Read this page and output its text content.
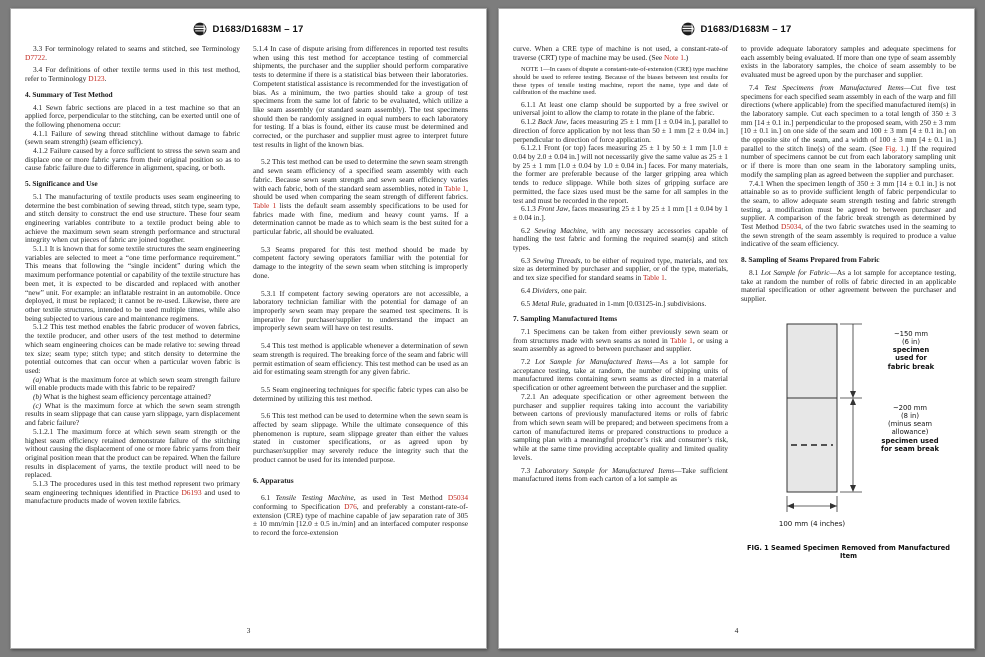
D1683/D1683M – 17

3.3 For terminology related to seams and stitched, see Terminology D7722.

3.4 For definitions of other textile terms used in this test method, refer to Terminology D123.

4. Summary of Test Method

4.1 Sewn fabric sections are placed in a test machine so that an applied force, perpendicular to the stitching, can be exerted until one of the following phenomena occur:

4.1.1 Failure of sewing thread stitchline without damage to fabric (sewn seam strength) (seam efficiency).

4.1.2 Failure caused by a force sufficient to stress the sewn seam and displace one or more fabric yarns from their original position so as to cause fabric failure due to difference in alignment, spacing, or both.

5. Significance and Use

5.1 The manufacturing of textile products uses seam engineering to determine the best combination of sewing thread, stitch type, seam type, and stitch density to construct the end use structure. These four seam engineering variables contribute to a textile product being able to achieve the maximum sewn seam strength performance and structural integrity when cut pieces of fabric are joined together.

5.1.1 It is known that for some textile structures the seam engineering variables are selected to meet a “one time performance requirement.” This means that following the “single incident” during which the maximum performance potential or capability of the textile structure has been met, it is expected to be discarded and replaced with another “new” unit. For example: an inflatable restraint in an automobile. Once deployed, it must be replaced; it cannot be re-used. Likewise, there are other textile structures, intended to be used multiple times, while also being subjected to various care and maintenance regimens.

5.1.2 This test method enables the fabric producer of woven fabrics, the textile producer, and other users of the test method to determine which seam engineering choices can be made relative to: sewing thread tex size; seam type; stitch type; and stitch density to determine the potential outcomes that can occur when a particular woven fabric is used:

(a) What is the maximum force at which sewn seam strength failure will enable products made with this fabric to be repaired?

(b) What is the highest seam efficiency percentage attained?

(c) What is the maximum force at which the sewn seam strength results in seam slippage that can cause yarn slippage, yarn displacement and fabric failure?

5.1.2.1 The maximum force at which sewn seam strength or the highest seam efficiency retained demonstrate failure of the stitching without causing the displacement of one or more fabric yarns from their original position mean that the product can be repaired. When the failure results in displacement of yarns, the textile product will need to be replaced.

5.1.3 The procedures used in this test method represent two primary seam engineering techniques identified in Practice D6193 and used to manufacture products made of woven textile fabrics.

5.1.4 In case of dispute arising from differences in reported test results when using this test method for acceptance testing of commercial shipments, the purchaser and the supplier should perform comparative tests to determine if there is a statistical bias between their laboratories. Competent statistical assistance is recommended for the investigation of bias. As a minimum, the two parties should take a group of test specimens from the same lot of fabric to be evaluated, which utilize a like seam assembly (or standard seam assembly). The test specimens should then be randomly assigned in equal numbers to each laboratory for testing. If a bias is found, either its cause must be determined and corrected, or the purchaser and supplier must agree to interpret future test results in light of the known bias.

5.2 This test method can be used to determine the sewn seam strength and sewn seam efficiency of a specified seam assembly with each fabric. Because sewn seam strength and sewn seam efficiency varies with each fabric, both of the standard seam assemblies, noted in Table 1, should be used when comparing the seam strength of different fabrics. Table 1 lists the default seam assembly specifications to be used for fabrics made with fine, medium and heavy count yarns. If a determination cannot be made as to which seam is the best suited for a particular fabric, all should be evaluated.

5.3 Seams prepared for this test method should be made by competent factory sewing operators familiar with the potential for damage to the integrity of the sewn seam when stitching is improperly done.

5.3.1 If competent factory sewing operators are not accessible, a laboratory technician familiar with the potential for damage of an improperly sewn seam may prepare the seamed test specimens. It is imperative for purchaser/supplier to understand the impact an improperly sewn seam will have on test results.

5.4 This test method is applicable whenever a determination of sewn seam strength is required. The breaking force of the seam and fabric will permit estimation of seam efficiency. This test method can be used as an aid for estimating seam strength for any given fabric.

5.5 Seam engineering techniques for specific fabric types can also be determined by utilizing this test method.

5.6 This test method can be used to determine when the sewn seam is affected by seam slippage. While the ultimate consequence of this phenomenon is rupture, seam slippage greater than either the values stated in customer specifications, or as agreed upon by purchaser/supplier may severely reduce the integrity such that the product cannot be used for its intended purpose.

6. Apparatus

6.1 Tensile Testing Machine, as used in Test Method D5034 conforming to Specification D76, and preferably a constant-rate-of-extension (CRE) type of machine capable of jaw separation rate of 305 ± 10 mm/min [12.0 ± 0.5 in./min] and an interfaced computer response to record the force-extension

3
D1683/D1683M – 17

curve. When a CRE type of machine is not used, a constant-rate-of traverse (CRT) type of machine may be used. (See Note 1.)

NOTE 1—In cases of dispute a constant-rate-of-extension (CRE) type machine should be used to referee testing. Because of the biases between test results for these types of tensile testing machine, report the name, type and date of calibration of the machine used.

6.1.1 At least one clamp should be supported by a free swivel or universal joint to allow the clamp to rotate in the plane of the fabric.

6.1.2 Back Jaw, faces measuring 25 ± 1 mm [1 ± 0.04 in.], parallel to direction of force application by not less than 50 ± 1 mm [2 ± 0.04 in.] perpendicular to direction of force application.

6.1.2.1 Front (or top) faces measuring 25 ± 1 by 50 ± 1 mm [1.0 ± 0.04 by 2.0 ± 0.04 in.] will not necessarily give the same value as 25 ± 1 by 25 ± 1 mm [1.0 ± 0.04 by 1.0 ± 0.04 in.] faces. For many materials, the former are preferable because of the larger gripping area which tends to reduce slippage. While both sizes of gripping surface are permitted, the face sizes used must be the same for all samples in the test and must be recorded in the report.

6.1.3 Front Jaw, faces measuring 25 ± 1 by 25 ± 1 mm [1 ± 0.04 by 1 ± 0.04 in.].

6.2 Sewing Machine, with any necessary accessories capable of handling the test fabric and forming the required seam(s) and stitch types.

6.3 Sewing Threads, to be either of required type, materials, and tex size as determined by purchaser and supplier, or of the type, materials, and tex size specified for standard seams in Table 1.

6.4 Dividers, one pair.

6.5 Metal Rule, graduated in 1-mm [0.03125-in.] subdivisions.

7. Sampling Manufactured Items

7.1 Specimens can be taken from either previously sewn seam or from structures made with sewn seams as noted in Table 1, or using a seam assembly as agreed to between purchaser and supplier.

7.2 Lot Sample for Manufactured Items—As a lot sample for acceptance testing, take at random, the number of shipping units of manufactured items containing sewn seams as directed in a material specification or other agreement between the purchaser and the supplier.

7.2.1 An adequate specification or other agreement between the purchaser and supplier requires taking into account the variability between cartons of previously manufactured items or rolls of fabric from which sewn seam will be prepared; and between specimens from a carton of manufactured items or prepared constructions to produce a sampling plan with a meaningful producer’s risk and consumer’s risk, while at the same time providing acceptable quality and limited quality levels.

7.3 Laboratory Sample for Manufactured Items—Take sufficient manufactured items from each carton of a lot sample as

to provide adequate laboratory samples and adequate specimens for each assembly being evaluated. If more than one type of seam assembly exists in the laboratory samples, the choice of seam assembly to be evaluated must be agreed upon by the purchaser and supplier.

7.4 Test Specimens from Manufactured Items—Cut five test specimens for each specified seam assembly in each of the warp and fill directions (where applicable) from the specified manufactured item(s) in the laboratory sample. Cut each specimen to a total length of 350 ± 3 mm [14 ± 0.1 in.] perpendicular to the proposed seam, with 250 ± 3 mm [10 ± 0.1 in.] on one side of the seam and 100 ± 3 mm [4 ± 0.1 in.] on the opposite site of the seam, and a width of 100 ± 3 mm [4 ± 0.1 in.] parallel to the stitch line(s) of the seam. (See Fig. 1.) If the required number of specimens cannot be cut from each laboratory sampling unit or if there is more than one seam in the laboratory sampling units, modify the sampling plan as agreed between the supplier and purchaser.

7.4.1 When the specimen length of 350 ± 3 mm [14 ± 0.1 in.] is not attainable so as to provide sufficient length of fabric perpendicular to the seam, to allow adequate seam strength testing and fabric strength testing, a modification must be agreed to between purchaser and supplier. A comparison of the fabric break strength as determined by Test Method D5034, of the two fabric swatches used in the seaming to the sewn strength of the seam assembly is required to produce a value indicative of the seam efficiency.

8. Sampling of Seams Prepared from Fabric

8.1 Lot Sample for Fabric—As a lot sample for acceptance testing, take at random the number of rolls of fabric directed in an applicable material specification or other agreement between the purchaser and supplier.

100 mm (4 inches)
~150 mm
(6 in)
specimen
used for
fabric break
~200 mm
(8 in)
(minus seam
allowance)
specimen used
for seam break
FIG. 1 Seamed Specimen Removed from Manufactured Item
4
